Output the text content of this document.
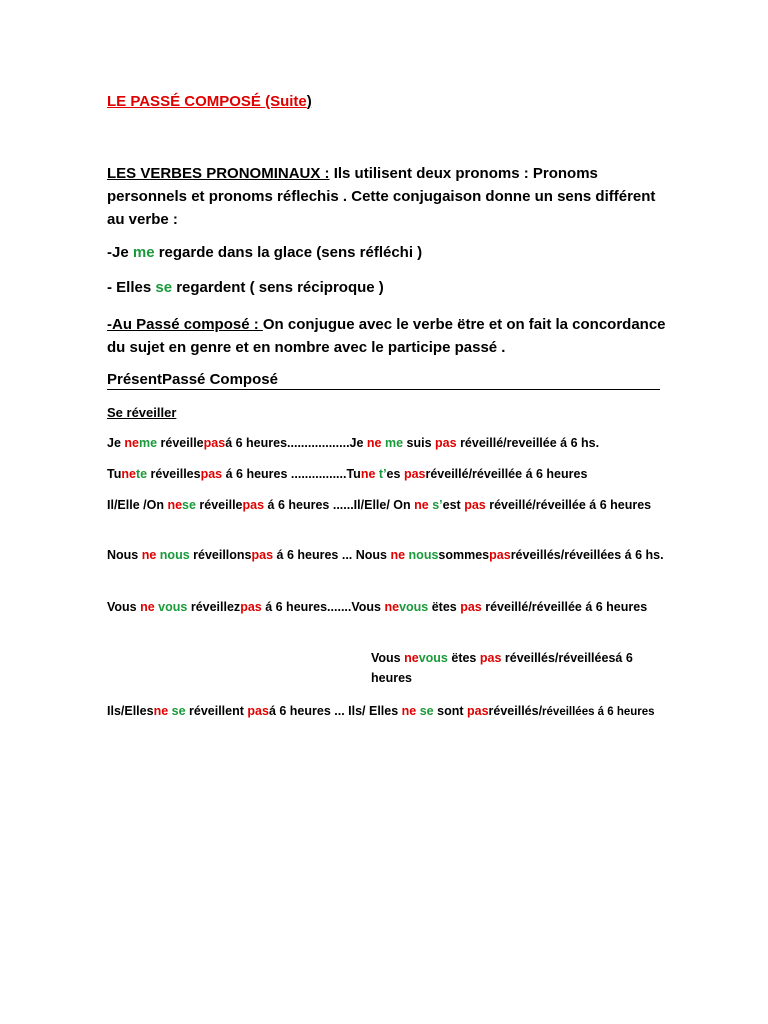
LE PASSÉ COMPOSÉ (Suite)
LES VERBES PRONOMINAUX : Ils utilisent deux pronoms : Pronoms personnels et pronoms réflechis . Cette conjugaison donne un sens différent au verbe :
-Je me regarde dans la glace (sens réfléchi )
- Elles se regardent ( sens réciproque )
-Au Passé composé : On conjugue avec le verbe ëtre et on fait la concordance du sujet en genre et en nombre avec le participe passé .
PrésentPassé Composé
Se réveiller
Je neme réveillepasá 6 heures..................Je ne me suis pas réveillé/reveillée á 6 hs.
Tunete réveillespas á 6 heures ................Tune t’es pasréveillé/réveillée á 6 heures
Il/Elle /On nese réveillepas á 6 heures ......Il/Elle/ On ne s’est pas réveillé/réveillée á 6 heures
Nous ne nous réveillonspas á 6 heures ... Nous ne noussommespasréveillés/réveillées á 6 hs.
Vous ne vous réveillezpas á 6 heures.......Vous nevous ëtes pas réveillé/réveillée á 6 heures
Vous nevous ëtes pas réveillés/réveilléesá 6 heures
Ils/Ellesne se réveillent pasá 6 heures ... Ils/ Elles ne se sont pasréveillés/réveillées á 6 heures
